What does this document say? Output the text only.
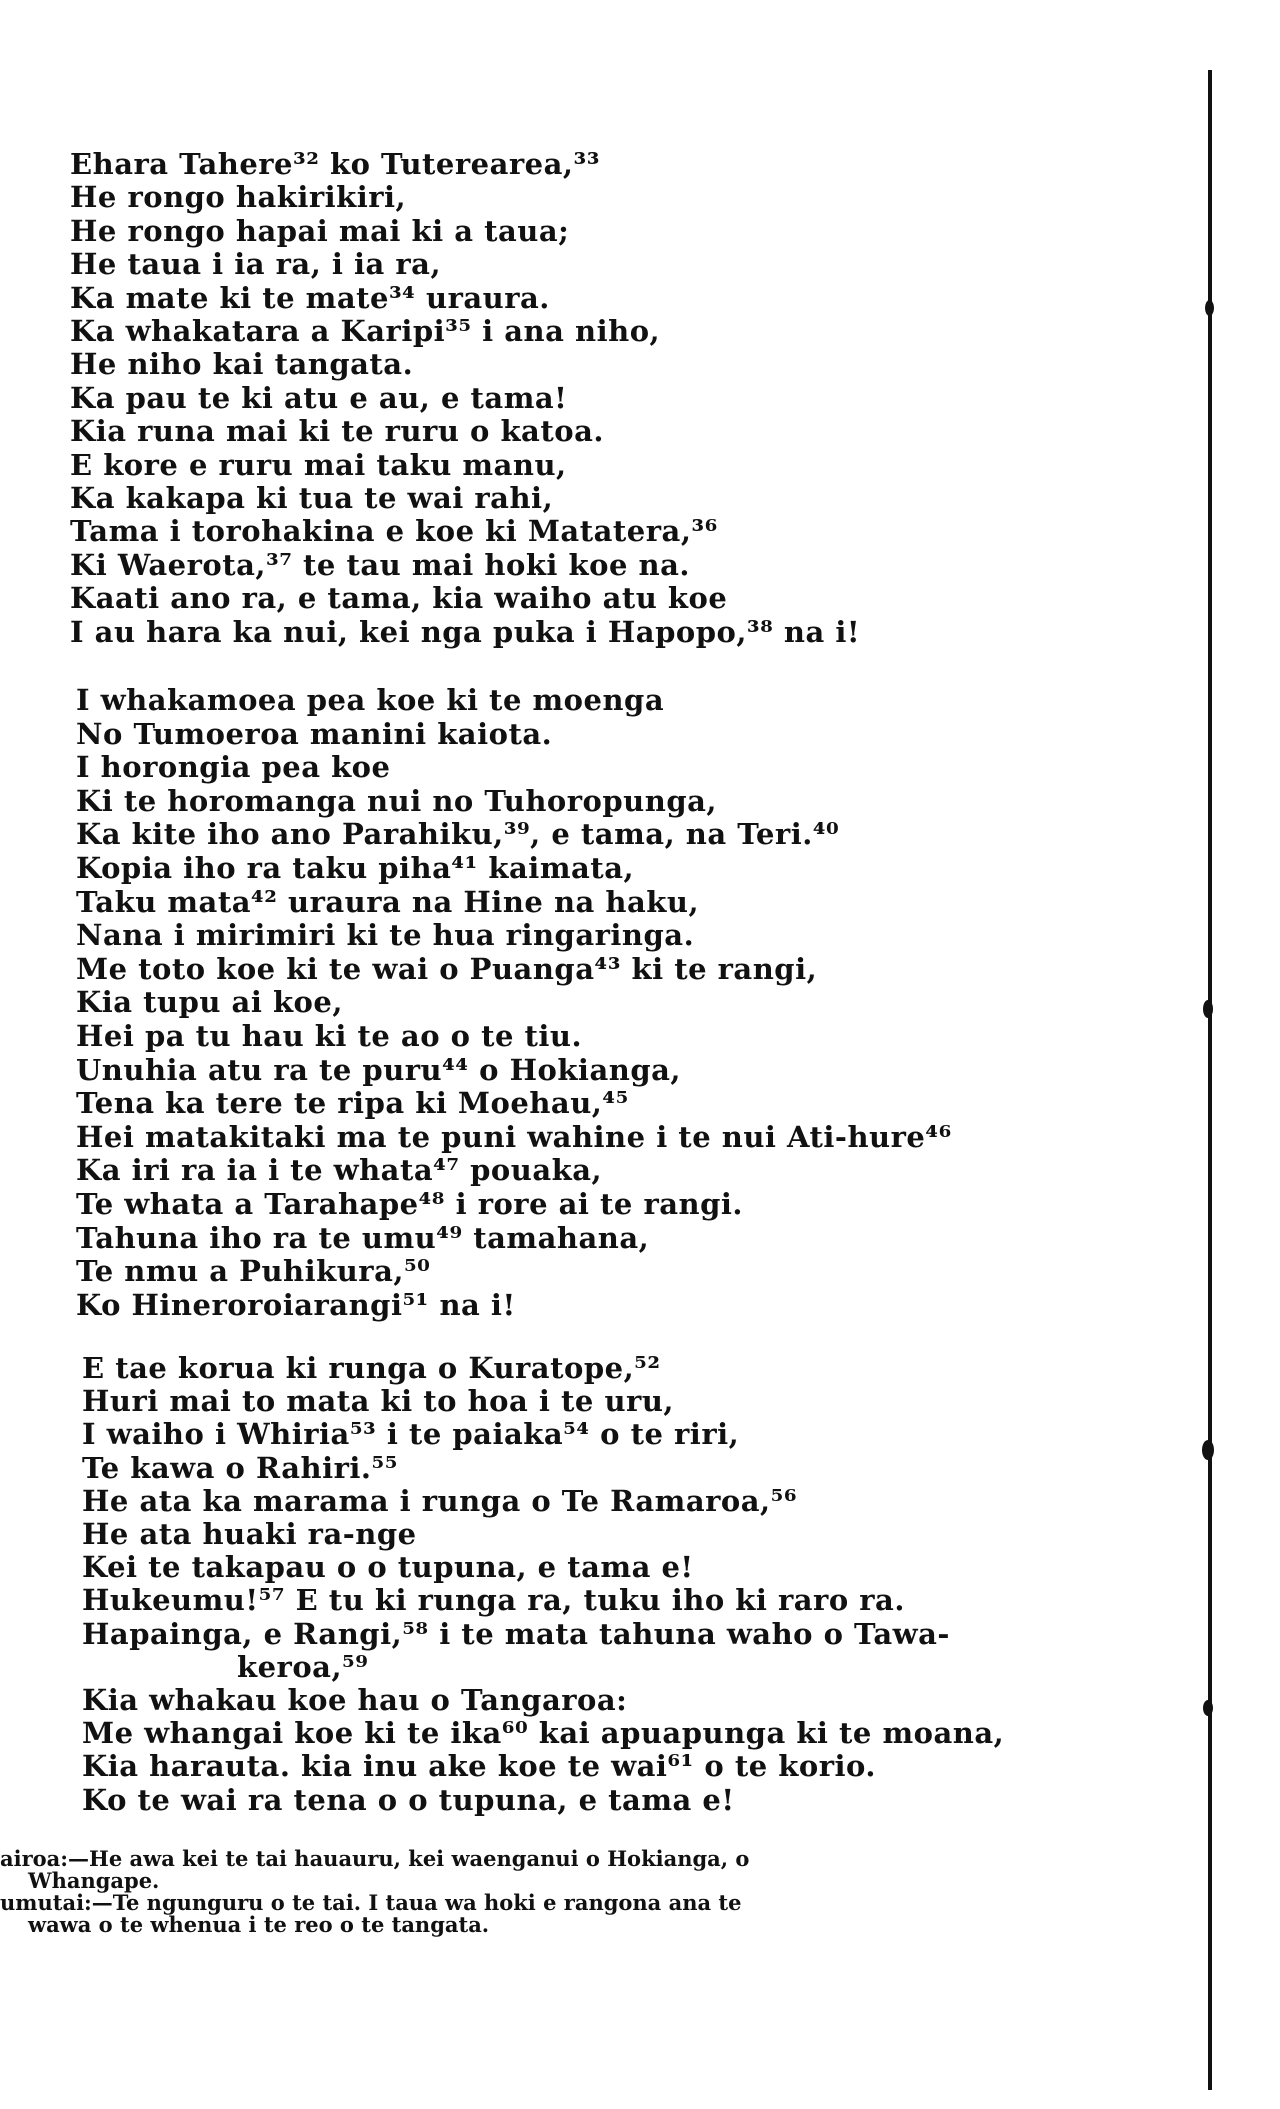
Ehara Tahere³² ko Tuterearea,³³
He rongo hakirikiri,
He rongo hapai mai ki a taua;
He taua i ia ra, i ia ra,
Ka mate ki te mate³⁴ uraura.
Ka whakatara a Karipi³⁵ i ana niho,
He niho kai tangata.
Ka pau te ki atu e au, e tama!
Kia runa mai ki te ruru o katoa.
E kore e ruru mai taku manu,
Ka kakapa ki tua te wai rahi,
Tama i torohakina e koe ki Matatera,³⁶
Ki Waerota,³⁷ te tau mai hoki koe na.
Kaati ano ra, e tama, kia waiho atu koe
I au hara ka nui, kei nga puka i Hapopo,³⁸ na i!
I whakamoea pea koe ki te moenga
No Tumoeroa manini kaiota.
I horongia pea koe
Ki te horomanga nui no Tuhoropunga,
Ka kite iho ano Parahiku,³⁹, e tama, na Teri.⁴⁰
Kopia iho ra taku piha⁴¹ kaimata,
Taku mata⁴² uraura na Hine na haku,
Nana i mirimiri ki te hua ringaringa.
Me toto koe ki te wai o Puanga⁴³ ki te rangi,
Kia tupu ai koe,
Hei pa tu hau ki te ao o te tiu.
Unuhia atu ra te puru⁴⁴ o Hokianga,
Tena ka tere te ripa ki Moehau,⁴⁵
Hei matakitaki ma te puni wahine i te nui Ati-hure⁴⁶
Ka iri ra ia i te whata⁴⁷ pouaka,
Te whata a Tarahape⁴⁸ i rore ai te rangi.
Tahuna iho ra te umu⁴⁹ tamahana,
Te nmu a Puhikura,⁵⁰
Ko Hinerοroiarangi⁵¹ na i!
E tae korua ki runga o Kuratope,⁵²
Huri mai to mata ki to hoa i te uru,
I waiho i Whiria⁵³ i te paiaka⁵⁴ o te riri,
Te kawa o Rahiri.⁵⁵
He ata ka marama i runga o Te Ramaroa,⁵⁶
He ata huaki ra-nge
Kei te takapau o o tupuna, e tama e!
Hukeumu!⁵⁷ E tu ki runga ra, tuku iho ki raro ra.
Hapainga, e Rangi,⁵⁸ i te mata tahuna waho o Tawa-
keroa,⁵⁹
Kia whakau koe hau o Tangaroa:
Me whangai koe ki te ika⁶⁰ kai apuapunga ki te moana,
Kia harauta. kia inu ake koe te wai⁶¹ o te korio.
Ko te wai ra tena o o tupuna, e tama e!
airoa:—He awa kei te tai hauauru, kei waenganui o Hokianga, o
Whangape.
umutai:—Te ngunguru o te tai. I taua wa hoki e rangona ana te
wawa o te whenua i te reo o te tangata.
